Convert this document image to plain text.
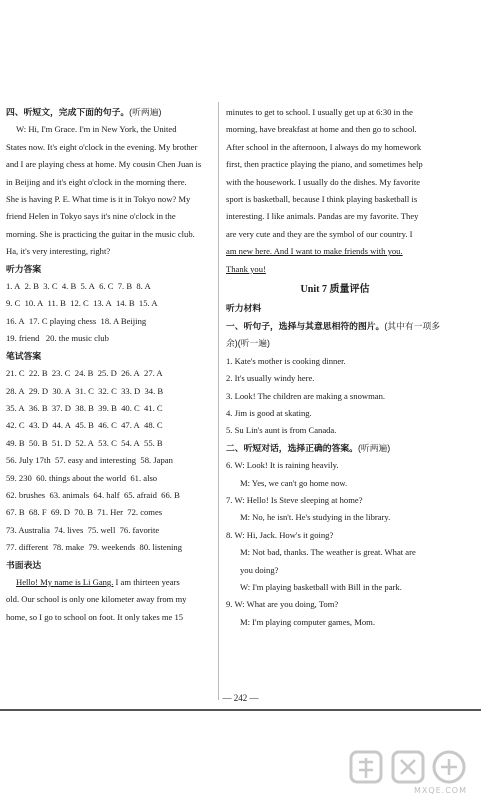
四、听短文，完成下面的句子。(听两遍)

W: Hi, I'm Grace. I'm in New York, the United

States now. It's eight o'clock in the evening. My brother

and I are playing chess at home. My cousin Chen Juan is

in Beijing and it's eight o'clock in the morning there.

She is having P. E. What time is it in Tokyo now? My

friend Helen in Tokyo says it's nine o'clock in the

morning. She is practicing the guitar in the music club.

Ha, it's very interesting, right?

听力答案

1. A 2. B 3. C 4. B 5. A 6. C 7. B 8. A

9. C 10. A 11. B 12. C 13. A 14. B 15. A

16. A 17. C playing chess 18. A Beijing

19. friend 20. the music club

笔试答案

21. C 22. B 23. C 24. B 25. D 26. A 27. A

28. A 29. D 30. A 31. C 32. C 33. D 34. B

35. A 36. B 37. D 38. B 39. B 40. C 41. C

42. C 43. D 44. A 45. B 46. C 47. A 48. C

49. B 50. B 51. D 52. A 53. C 54. A 55. B

56. July 17th 57. easy and interesting 58. Japan

59. 230 60. things about the world 61. also

62. brushes 63. animals 64. half 65. afraid 66. B

67. B 68. F 69. D 70. B 71. Her 72. comes

73. Australia 74. lives 75. well 76. favorite

77. different 78. make 79. weekends 80. listening

书面表达

Hello! My name is Li Gang. I am thirteen years

old. Our school is only one kilometer away from my

home, so I go to school on foot. It only takes me 15

minutes to get to school. I usually get up at 6:30 in the

morning, have breakfast at home and then go to school.

After school in the afternoon, I always do my homework

first, then practice playing the piano, and sometimes help

with the housework. I usually do the dishes. My favorite

sport is basketball, because I think playing basketball is

interesting. I like animals. Pandas are my favorite. They

are very cute and they are the symbol of our country. I

am new here. And I want to make friends with you.

Thank you!

Unit 7 质量评估

听力材料

一、听句子，选择与其意思相符的图片。(其中有一项多余)(听一遍)

1. Kate's mother is cooking dinner.

2. It's usually windy here.

3. Look! The children are making a snowman.

4. Jim is good at skating.

5. Su Lin's aunt is from Canada.

二、听短对话，选择正确的答案。(听两遍)

6. W: Look! It is raining heavily.

M: Yes, we can't go home now.

7. W: Hello! Is Steve sleeping at home?

M: No, he isn't. He's studying in the library.

8. W: Hi, Jack. How's it going?

M: Not bad, thanks. The weather is great. What are

you doing?

W: I'm playing basketball with Bill in the park.

9. W: What are you doing, Tom?

M: I'm playing computer games, Mom.

— 242 —
MXQE.COM
